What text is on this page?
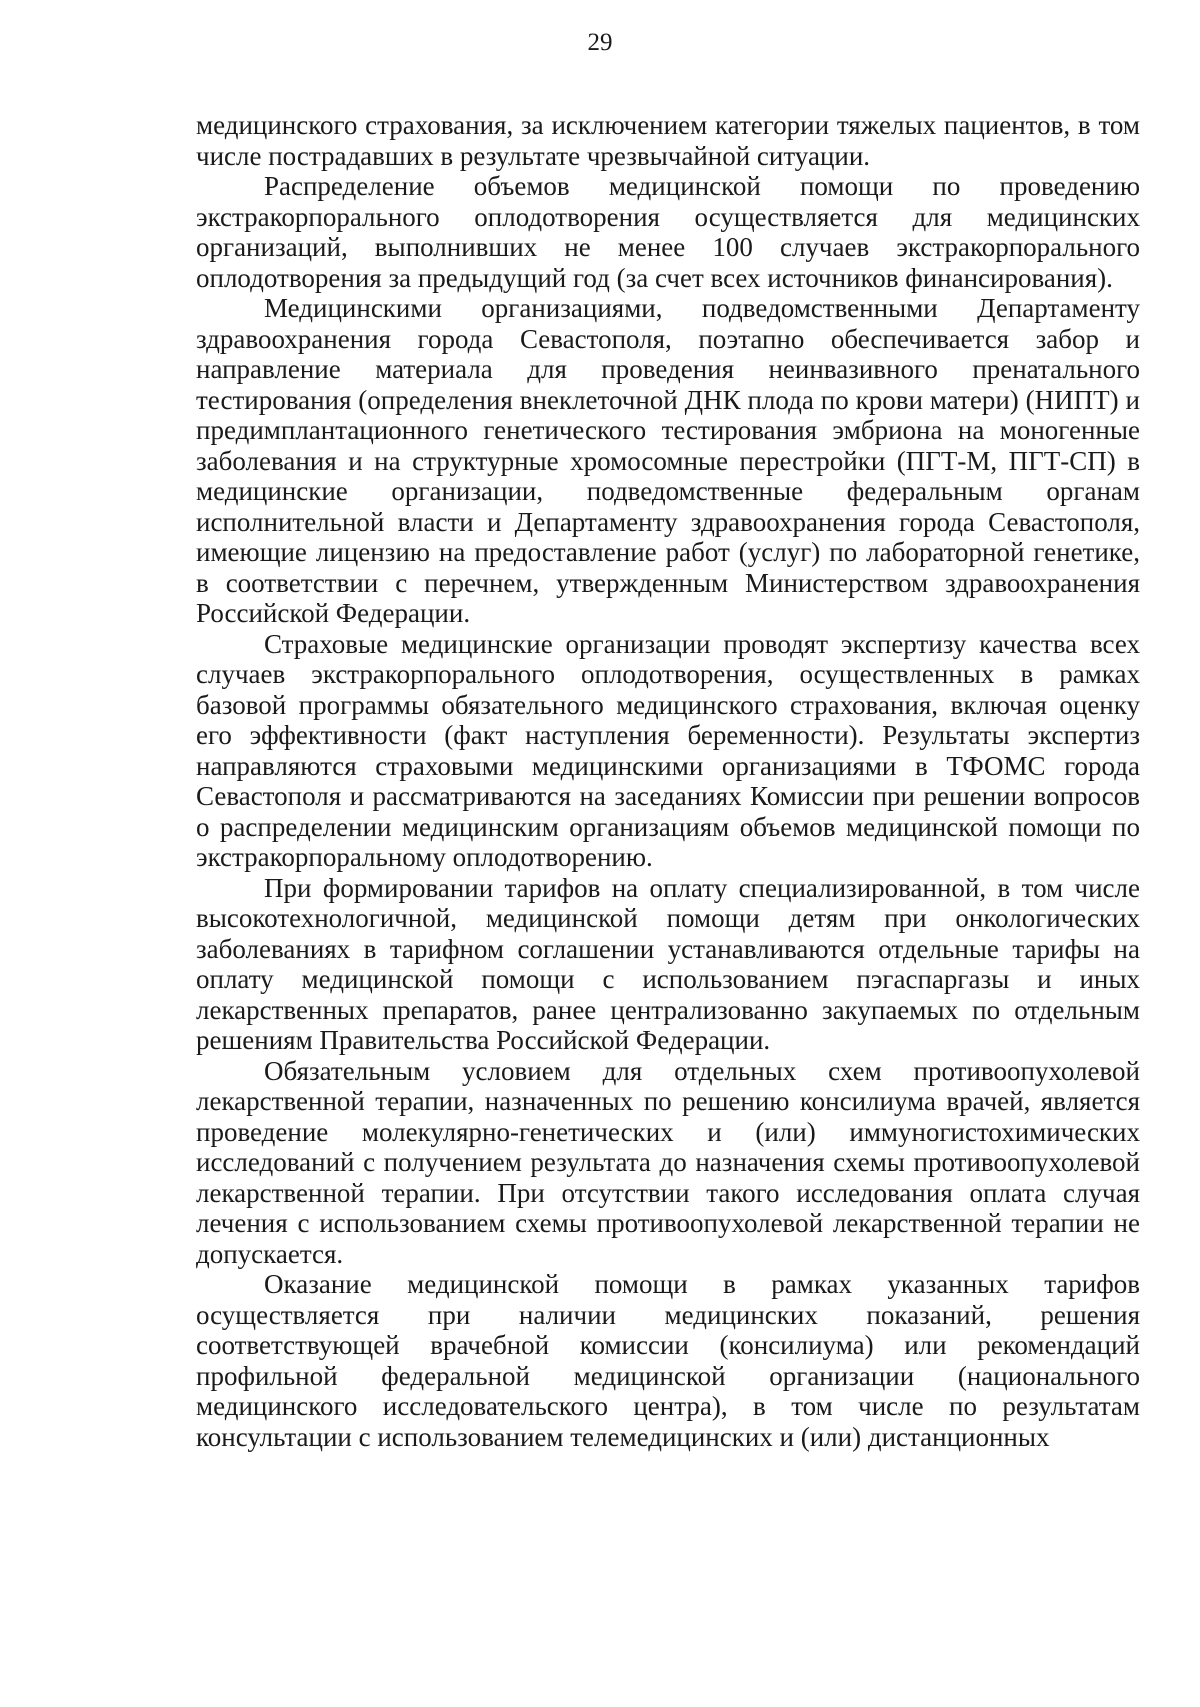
29

медицинского страхования, за исключением категории тяжелых пациентов, в том числе пострадавших в результате чрезвычайной ситуации.

Распределение объемов медицинской помощи по проведению экстракорпорального оплодотворения осуществляется для медицинских организаций, выполнивших не менее 100 случаев экстракорпорального оплодотворения за предыдущий год (за счет всех источников финансирования).

Медицинскими организациями, подведомственными Департаменту здравоохранения города Севастополя, поэтапно обеспечивается забор и направление материала для проведения неинвазивного пренатального тестирования (определения внеклеточной ДНК плода по крови матери) (НИПТ) и предимплантационного генетического тестирования эмбриона на моногенные заболевания и на структурные хромосомные перестройки (ПГТ-М, ПГТ-СП) в медицинские организации, подведомственные федеральным органам исполнительной власти и Департаменту здравоохранения города Севастополя, имеющие лицензию на предоставление работ (услуг) по лабораторной генетике, в соответствии с перечнем, утвержденным Министерством здравоохранения Российской Федерации.

Страховые медицинские организации проводят экспертизу качества всех случаев экстракорпорального оплодотворения, осуществленных в рамках базовой программы обязательного медицинского страхования, включая оценку его эффективности (факт наступления беременности). Результаты экспертиз направляются страховыми медицинскими организациями в ТФОМС города Севастополя и рассматриваются на заседаниях Комиссии при решении вопросов о распределении медицинским организациям объемов медицинской помощи по экстракорпоральному оплодотворению.

При формировании тарифов на оплату специализированной, в том числе высокотехнологичной, медицинской помощи детям при онкологических заболеваниях в тарифном соглашении устанавливаются отдельные тарифы на оплату медицинской помощи с использованием пэгаспаргазы и иных лекарственных препаратов, ранее централизованно закупаемых по отдельным решениям Правительства Российской Федерации.

Обязательным условием для отдельных схем противоопухолевой лекарственной терапии, назначенных по решению консилиума врачей, является проведение молекулярно-генетических и (или) иммуногистохимических исследований с получением результата до назначения схемы противоопухолевой лекарственной терапии. При отсутствии такого исследования оплата случая лечения с использованием схемы противоопухолевой лекарственной терапии не допускается.

Оказание медицинской помощи в рамках указанных тарифов осуществляется при наличии медицинских показаний, решения соответствующей врачебной комиссии (консилиума) или рекомендаций профильной федеральной медицинской организации (национального медицинского исследовательского центра), в том числе по результатам консультации с использованием телемедицинских и (или) дистанционных
